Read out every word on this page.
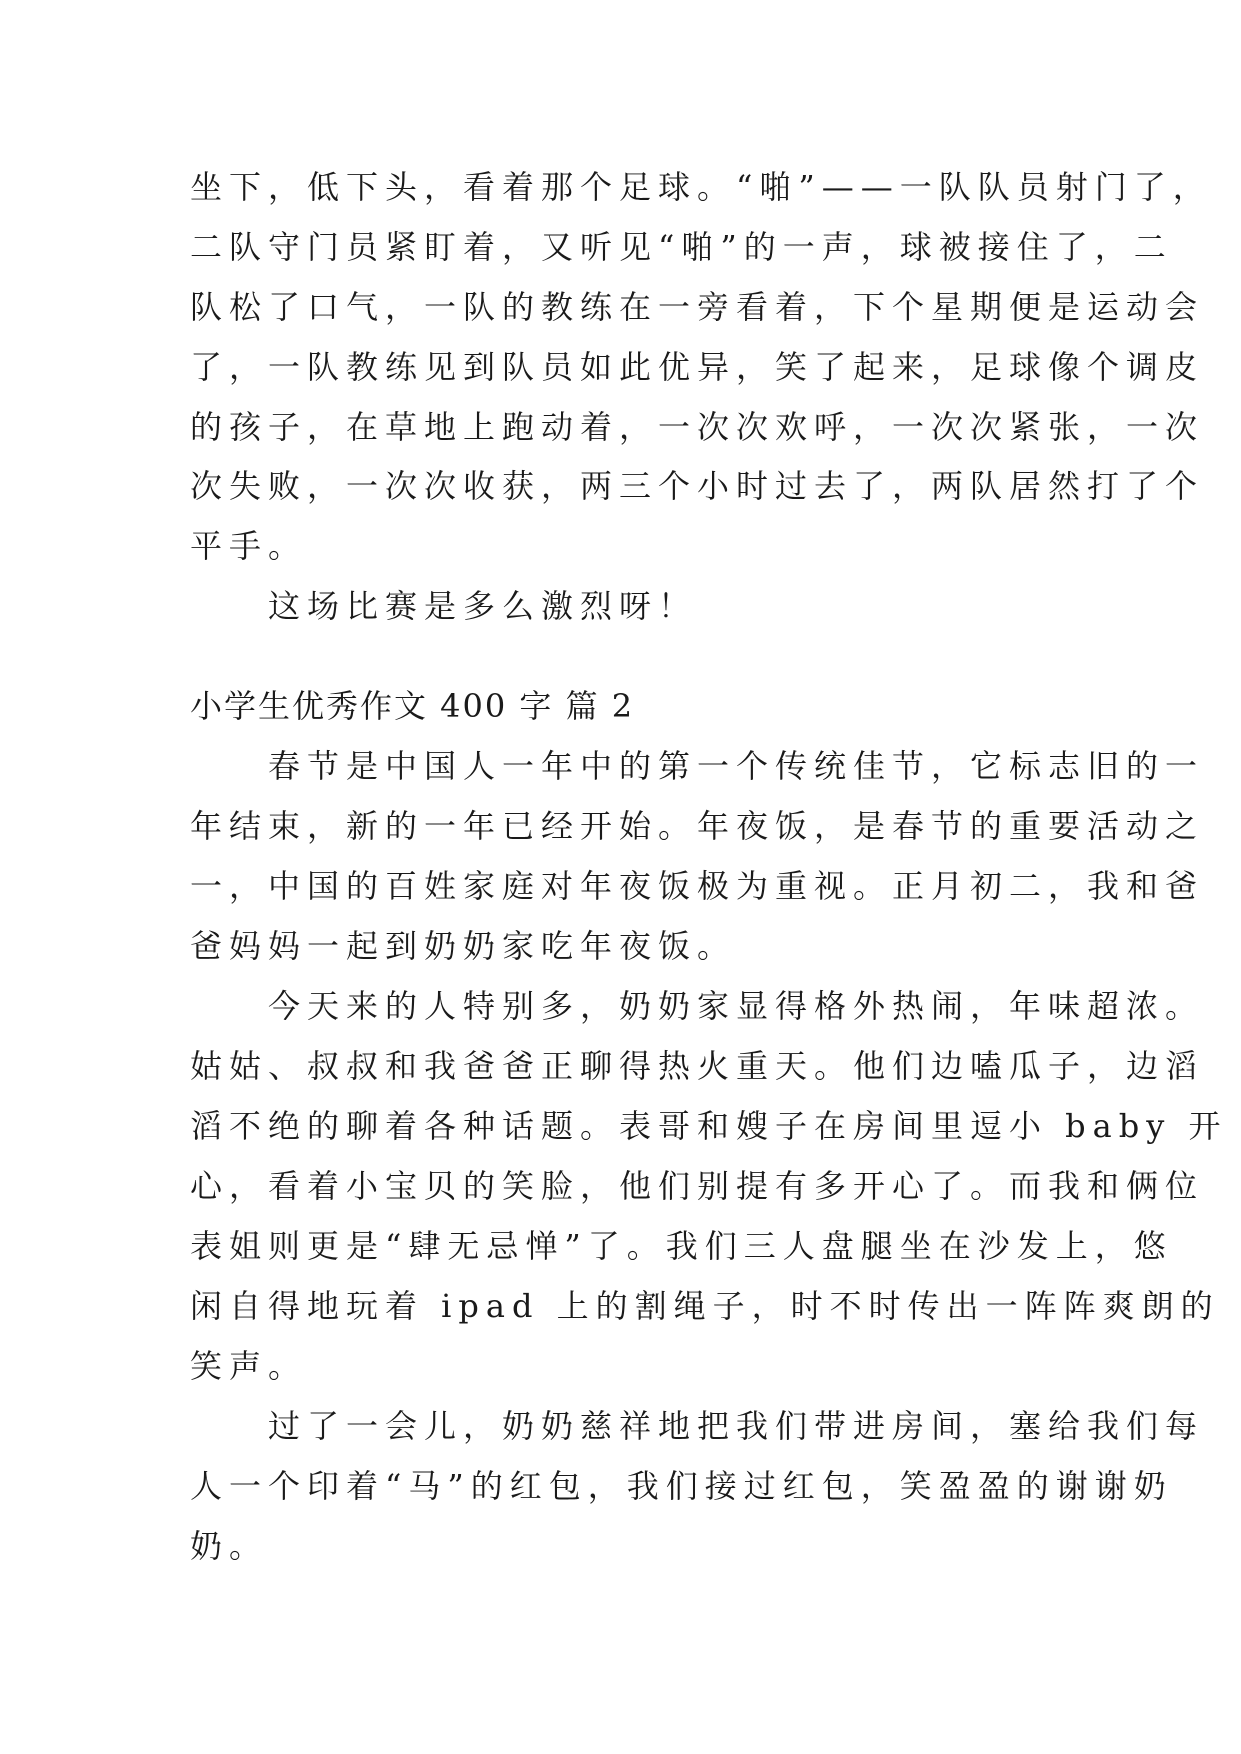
坐下，低下头，看着那个足球。“啪”——一队队员射门了，
二队守门员紧盯着，又听见“啪”的一声，球被接住了，二
队松了口气，一队的教练在一旁看着，下个星期便是运动会
了，一队教练见到队员如此优异，笑了起来，足球像个调皮
的孩子，在草地上跑动着，一次次欢呼，一次次紧张，一次
次失败，一次次收获，两三个小时过去了，两队居然打了个
平手。
　　这场比赛是多么激烈呀！
小学生优秀作文 400 字 篇 2
　　春节是中国人一年中的第一个传统佳节，它标志旧的一
年结束，新的一年已经开始。年夜饭，是春节的重要活动之
一，中国的百姓家庭对年夜饭极为重视。正月初二，我和爸
爸妈妈一起到奶奶家吃年夜饭。
　　今天来的人特别多，奶奶家显得格外热闹，年味超浓。
姑姑、叔叔和我爸爸正聊得热火重天。他们边嗑瓜子，边滔
滔不绝的聊着各种话题。表哥和嫂子在房间里逗小 baby 开
心，看着小宝贝的笑脸，他们别提有多开心了。而我和俩位
表姐则更是“肆无忌惮”了。我们三人盘腿坐在沙发上，悠
闲自得地玩着 ipad 上的割绳子，时不时传出一阵阵爽朗的
笑声。
　　过了一会儿，奶奶慈祥地把我们带进房间，塞给我们每
人一个印着“马”的红包，我们接过红包，笑盈盈的谢谢奶
奶。
